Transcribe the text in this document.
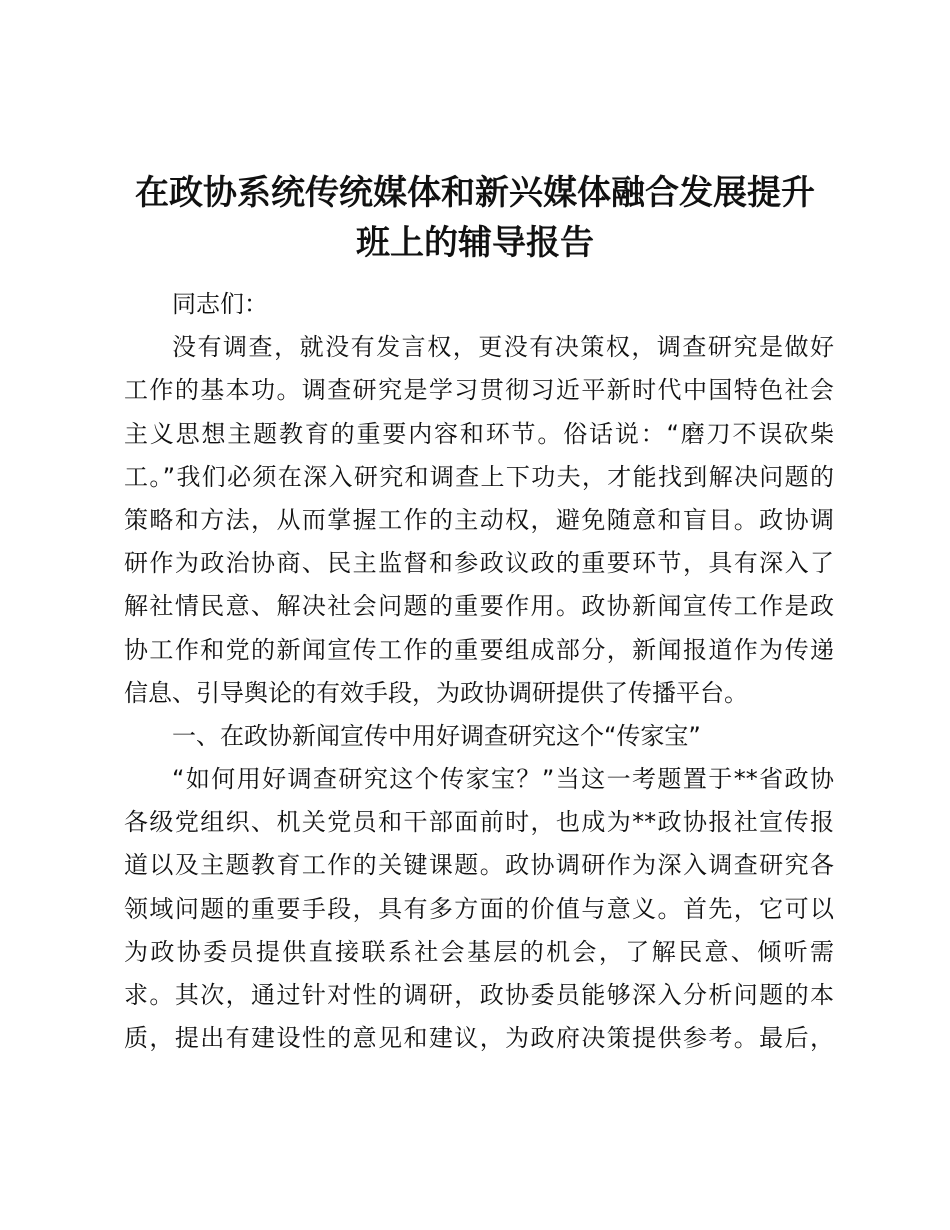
在政协系统传统媒体和新兴媒体融合发展提升
班上的辅导报告
同志们：
没有调查，就没有发言权，更没有决策权，调查研究是做好
工作的基本功。调查研究是学习贯彻习近平新时代中国特色社会
主义思想主题教育的重要内容和环节。俗话说：“磨刀不误砍柴
工。”我们必须在深入研究和调查上下功夫，才能找到解决问题的
策略和方法，从而掌握工作的主动权，避免随意和盲目。政协调
研作为政治协商、民主监督和参政议政的重要环节，具有深入了
解社情民意、解决社会问题的重要作用。政协新闻宣传工作是政
协工作和党的新闻宣传工作的重要组成部分，新闻报道作为传递
信息、引导舆论的有效手段，为政协调研提供了传播平台。
一、在政协新闻宣传中用好调查研究这个“传家宝”
“如何用好调查研究这个传家宝？”当这一考题置于**省政协
各级党组织、机关党员和干部面前时，也成为**政协报社宣传报
道以及主题教育工作的关键课题。政协调研作为深入调查研究各
领域问题的重要手段，具有多方面的价值与意义。首先，它可以
为政协委员提供直接联系社会基层的机会，了解民意、倾听需
求。其次，通过针对性的调研，政协委员能够深入分析问题的本
质，提出有建设性的意见和建议，为政府决策提供参考。最后，
